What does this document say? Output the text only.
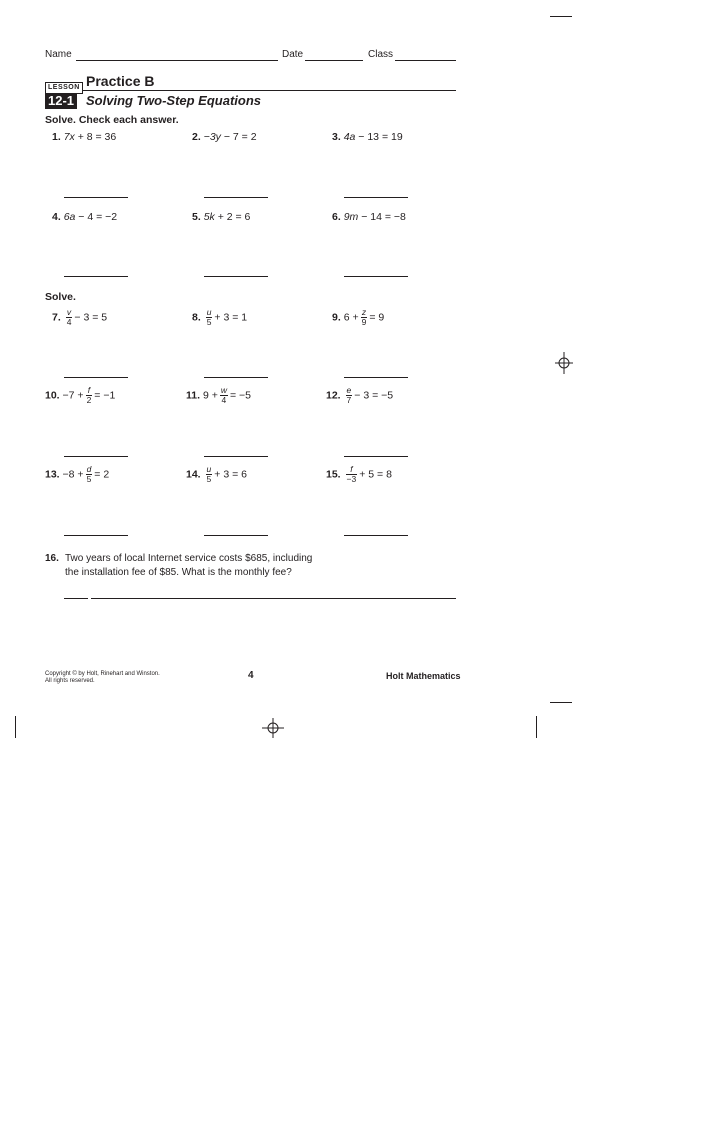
Name	Date	Class
LESSON
12-1
Practice B
Solving Two-Step Equations
Solve. Check each answer.
1. 7x + 8 = 36	2. −3y − 7 = 2	3. 4a − 13 = 19
4. 6a − 4 = −2	5. 5k + 2 = 6	6. 9m − 14 = −8
Solve.
7. $\frac{v}{4} - 3 = 5$	8. $\frac{u}{5} + 3 = 1$	9. $6 + \frac{z}{9} = 9$
10. $-7 + \frac{f}{2} = -1$	11. $9 + \frac{w}{4} = -5$	12. $\frac{e}{7} - 3 = -5$
13. $-8 + \frac{d}{5} = 2$	14. $\frac{u}{5} + 3 = 6$	15. $\frac{f}{-3} + 5 = 8$
16. Two years of local Internet service costs $685, including
the installation fee of $85. What is the monthly fee?
Copyright © by Holt, Rinehart and Winston.
All rights reserved.	4	Holt Mathematics
